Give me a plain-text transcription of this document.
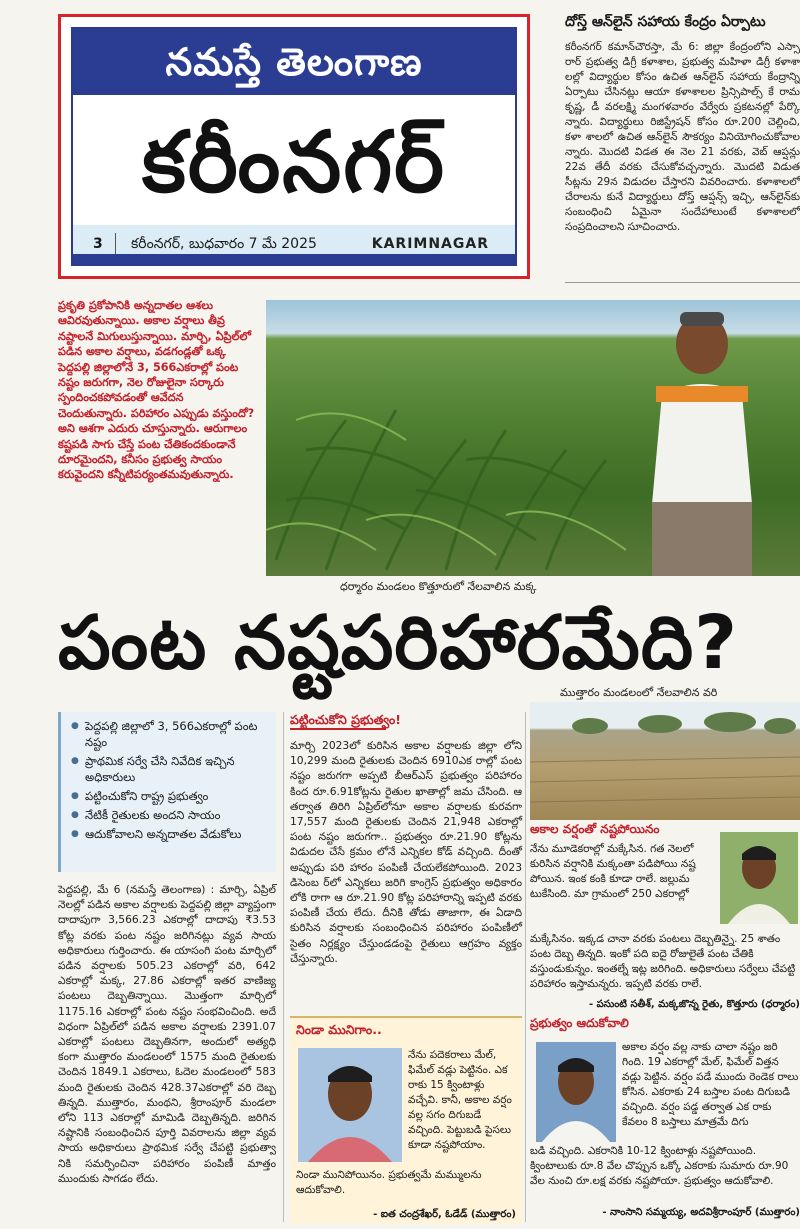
నమస్తే తెలంగాణ
కరీంనగర్
3 కరీంనగర్, బుధవారం 7 మే 2025	KARIMNAGAR
దోస్త్ ఆన్‌లైన్ సహాయ కేంద్రం ఏర్పాటు
కరీంనగర్ కమాన్‌చౌరస్తా, మే 6: జిల్లా కేంద్రంలోని ఎస్సా రార్ ప్రభుత్వ డిగ్రీ కళాశాల, ప్రభుత్వ మహిళా డిగ్రీ కళాశా లల్లో విద్యార్థుల కోసం ఉచిత ఆన్‌లైన్ సహాయ కేంద్రాన్ని ఏర్పాటు చేసినట్లు ఆయా కళాశాలల ప్రిన్సిపాల్స్ కే రామ కృష్ణ, డీ వరలక్ష్మి మంగళవారం వేర్వేరు ప్రకటనల్లో పేర్కొ న్నారు. విద్యార్థులు రిజిస్ట్రేషన్ కోసం రూ.200 చెల్లించి, కళా శాలలో ఉచిత ఆన్‌లైన్ సౌకర్యం వినియోగించుకోవాల న్నారు. మొదటి విడత ఈ నెల 21 వరకు, వెబ్ ఆప్షన్లు 22వ తేదీ వరకు చేసుకోవచ్చన్నారు. మొదటి విడుత సీట్లను 29న విడుదల చేస్తారని వివరించారు. కళాశాలలో చేరాలను కునే విద్యార్థులు దోస్త్ ఆప్షన్స్ ఇచ్చి, ఆన్‌లైన్‌కు సంబంధించి ఏమైనా సందేహాలుంటే కళాశాలలో సంప్రదించాలని సూచించారు.
ప్రకృతి ప్రకోపానికి అన్నదాతల ఆశలు ఆవిరవుతున్నాయి. అకాల వర్షాలు తీవ్ర నష్టాలనే మిగులుస్తున్నాయి. మార్చి, ఏప్రిల్‌లో పడిన అకాల వర్షాలు, వడగండ్లతో ఒక్క పెద్దపల్లి జిల్లాలోనే 3, 566ఎకరాల్లో పంట నష్టం జరుగగా, నెల రోజులైనా సర్కారు స్పందించకపోవడంతో ఆవేదన చెందుతున్నారు. పరిహారం ఎప్పుడు వస్తుందో? అని ఆశగా ఎదురు చూస్తున్నారు. ఆరుగాలం కష్టపడి సాగు చేస్తే పంట చేతికందకుండానే దూరమైందని, కనీసం ప్రభుత్వ సాయం కరువైందని కన్నీటిపర్యంతమవుతున్నారు.
ధర్మారం మండలం కొత్తూరులో నేలవాలిన మక్క
పంట నష్టపరిహారమేది?
ముత్తారం మండలంలో నేలవాలిన వరి
● పెద్దపల్లి జిల్లాలో 3, 566ఎకరాల్లో పంట నష్టం
● ప్రాథమిక సర్వే చేసి నివేదిక ఇచ్చిన అధికారులు
● పట్టించుకోని రాష్ట్ర ప్రభుత్వం
● నేటికీ రైతులకు అందని సాయం
● ఆదుకోవాలని అన్నదాతల వేడుకోలు
పెద్దపల్లి, మే 6 (నమస్తే తెలంగాణ) : మార్చి, ఏప్రిల్ నెలల్లో పడిన అకాల వర్షాలకు పెద్దపల్లి జిల్లా వ్యాప్తంగా దాదాపుగా 3,566.23 ఎకరాల్లో దాదాపు ₹3.53 కోట్ల వరకు పంట నష్టం జరిగినట్లు వ్యవ సాయ అధికారులు గుర్తించారు. ఈ యాసంగి పంట మార్చిలో పడిన వర్షాలకు 505.23 ఎకరాల్లో వరి, 642 ఎకరాల్లో మక్క, 27.86 ఎకరాల్లో ఇతర వాణిజ్య పంటలు దెబ్బతిన్నాయి. మొత్తంగా మార్చిలో 1175.16 ఎకరాల్లో పంట నష్టం సంభవించింది. అదే విధంగా ఏప్రిల్‌లో పడిన అకాల వర్షాలకు 2391.07 ఎకరాల్లో పంటలు దెబ్బతినగా, అందులో అత్యధి కంగా ముత్తారం మండలంలో 1575 మంది రైతులకు చెందిన 1849.1 ఎకరాలు, ఓదెల మండలంలో 583 మంది రైతులకు చెందిన 428.37ఎకరాల్లో వరి దెబ్బ తిన్నది. ముత్తారం, మంథని, శ్రీరాంపూర్ మండలా లోని 113 ఎకరాల్లో మామిడి దెబ్బతిన్నది. జరిగిన నష్టానికి సంబంధించిన పూర్తి వివరాలను జిల్లా వ్యవ సాయ అధికారులు ప్రాథమిక సర్వే చేపట్టి ప్రభుత్వా నికి సమర్పించినా పరిహారం పంపిణీ మాత్తం ముందుకు సాగడం లేదు.
పట్టించుకోని ప్రభుత్వం!
మార్చి 2023లో కురిసిన అకాల వర్షాలకు జిల్లా లోని 10,299 మంది రైతులకు చెందిన 6910ఎక రాల్లో పంట నష్టం జరుగగా అప్పటి బీఆర్ఎస్ ప్రభుత్వం పరిహారం కింద రూ.6.91కోట్లను రైతుల ఖాతాల్లో జమ చేసింది. ఆ తర్వాత తిరిగి ఏప్రిల్‌లోనూ అకాల వర్షాలకు కురవగా 17,557 మంది రైతులకు చెందిన 21,948 ఎకరాల్లో పంట నష్టం జరుగగా.. ప్రభుత్వం రూ.21.90 కోట్లను విడుదల చేసే క్రమం లోనే ఎన్నికల కోడ్ వచ్చింది. దీంతో అప్పుడు పరి హారం పంపిణీ చేయలేకపోయింది. 2023 డిసెంబ ర్‌లో ఎన్నికలు జరిగి కాంగ్రెస్ ప్రభుత్వం అధికారం లోకి రాగా ఆ రూ.21.90 కోట్ల పరిహారాన్ని ఇప్పటి వరకు పంపిణీ చేయ లేదు. దీనికి తోడు తాజాగా, ఈ ఏడాది కురిసిన వర్షాలకు సంబంధించిన పరిహారం పంపిణీలో సైతం నిర్లక్ష్యం చేస్తుండడంపై రైతులు ఆగ్రహం వ్యక్తం చేస్తున్నారు.
అకాల వర్షంతో నష్టపోయినం
నేను మూడెకరాల్లో మక్కేసిన. గత నెలలో కురిసిన వర్షానికి మక్కంతా పడిపోయి నష్ట పోయిన. ఇంక కంకి కూడా రాలే. జల్లుమ టుకేసింది. మా గ్రామంలో 250 ఎకరాల్లో
మక్కేసినం. ఇక్కడ చానా వరకు పంటలు దెబ్బతిన్నై. 25 శాతం పంట దెబ్బ తిన్నది. ఇంకో పది ఐదై రోజులైతే పంట చేతికి వస్తుండుకున్నం. ఇంతల్నే ఇట్ల జరిగింది. అధికారులు సర్వేలు చేపట్టి పరిహారం ఇస్తామన్నరు. ఇప్పటి వరకు రాలే.
- పసుంటి సతీశ్, మక్కజొన్న రైతు, కొత్తూరు (ధర్మారం)
నిండా మునిగాం..
నేను పదెకరాలు మేల్, ఫిమేల్ వడ్లు పెట్టినం. ఎక రాకు 15 క్వింటాళ్లు వచ్చేవి. కానీ, అకాల వర్షం వల్ల సగం దిగుబడే వచ్చింది. పెట్టుబడి పైసలు కూడా నష్టపోయాం.
నిండా మునిపోయినం. ప్రభుత్వమే మమ్ములను ఆదుకోవాలి.
- ఐత చంద్రశేఖర్, ఓడేడ్ (ముత్తారం)
ప్రభుత్వం ఆదుకోవాలి
అకాల వర్షం వల్ల నాకు చాలా నష్టం జరి గింది. 19 ఎకరాల్లో మేల్, ఫిమేల్ విత్తన వడ్లు పెట్టిన. వర్షం పడే ముందు రెండెక రాలు కోసిన. ఎకరాకు 24 బస్తాల పంట దిగుబడి వచ్చింది. వర్షం పడ్డ తర్వాత ఎక రాకు కేవలం 8 బస్తాలు మాత్రమే దిగు
బడి వచ్చింది. ఎకరానికి 10-12 క్వింటాళ్లు నష్టపోయింది. క్వింటాలుకు రూ.8 వేల చొప్పున ఒక్కో ఎకరాకు సుమారు రూ.90 వేల నుంచి రూ.లక్ష వరకు నష్టపోయా. ప్రభుత్వం ఆదుకోవాలి.
- నాంసాని సమ్మయ్య, అదవిశ్రీరాంపూర్ (ముత్తారం)
